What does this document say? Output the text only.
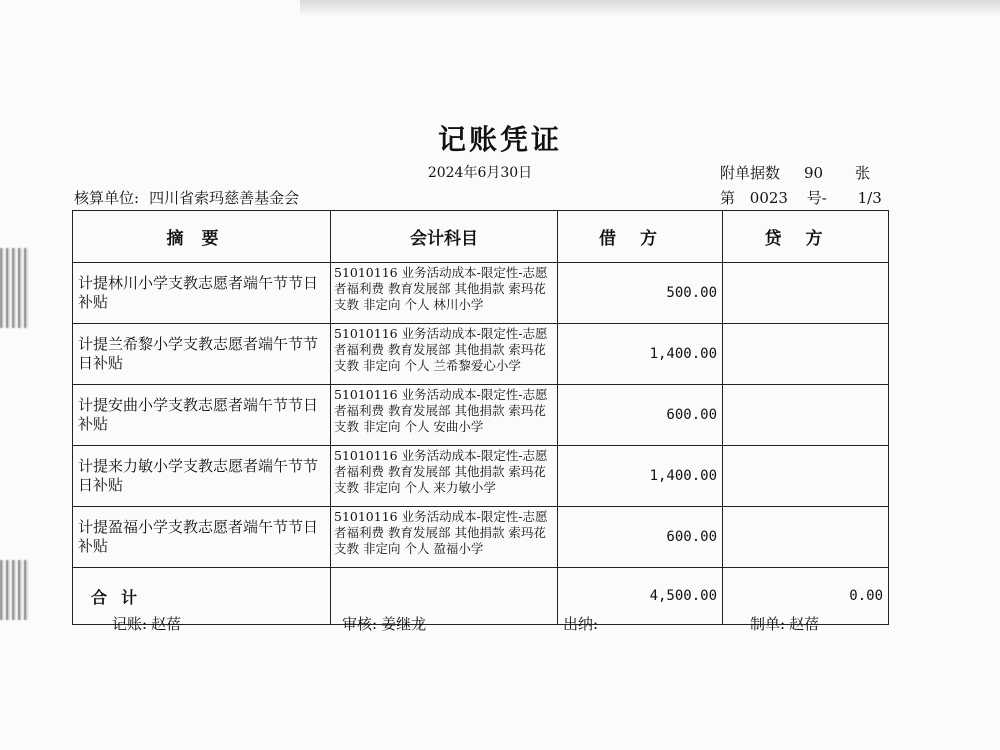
记账凭证
2024年6月30日	附单据数 90 张
核算单位: 四川省索玛慈善基金会	第 0023 号- 1/3
摘要	会计科目	借方	贷方
计提林川小学支教志愿者端午节节日补贴	51010116 业务活动成本-限定性-志愿者福利费 教育发展部 其他捐款 索玛花支教 非定向 个人 林川小学	500.00	
计提兰希黎小学支教志愿者端午节节日补贴	51010116 业务活动成本-限定性-志愿者福利费 教育发展部 其他捐款 索玛花支教 非定向 个人 兰希黎爱心小学	1,400.00	
计提安曲小学支教志愿者端午节节日补贴	51010116 业务活动成本-限定性-志愿者福利费 教育发展部 其他捐款 索玛花支教 非定向 个人 安曲小学	600.00	
计提来力敏小学支教志愿者端午节节日补贴	51010116 业务活动成本-限定性-志愿者福利费 教育发展部 其他捐款 索玛花支教 非定向 个人 来力敏小学	1,400.00	
计提盈福小学支教志愿者端午节节日补贴	51010116 业务活动成本-限定性-志愿者福利费 教育发展部 其他捐款 索玛花支教 非定向 个人 盈福小学	600.00	
合计		4,500.00	0.00
记账: 赵蓓	审核: 姜继龙	出纳:	制单: 赵蓓
